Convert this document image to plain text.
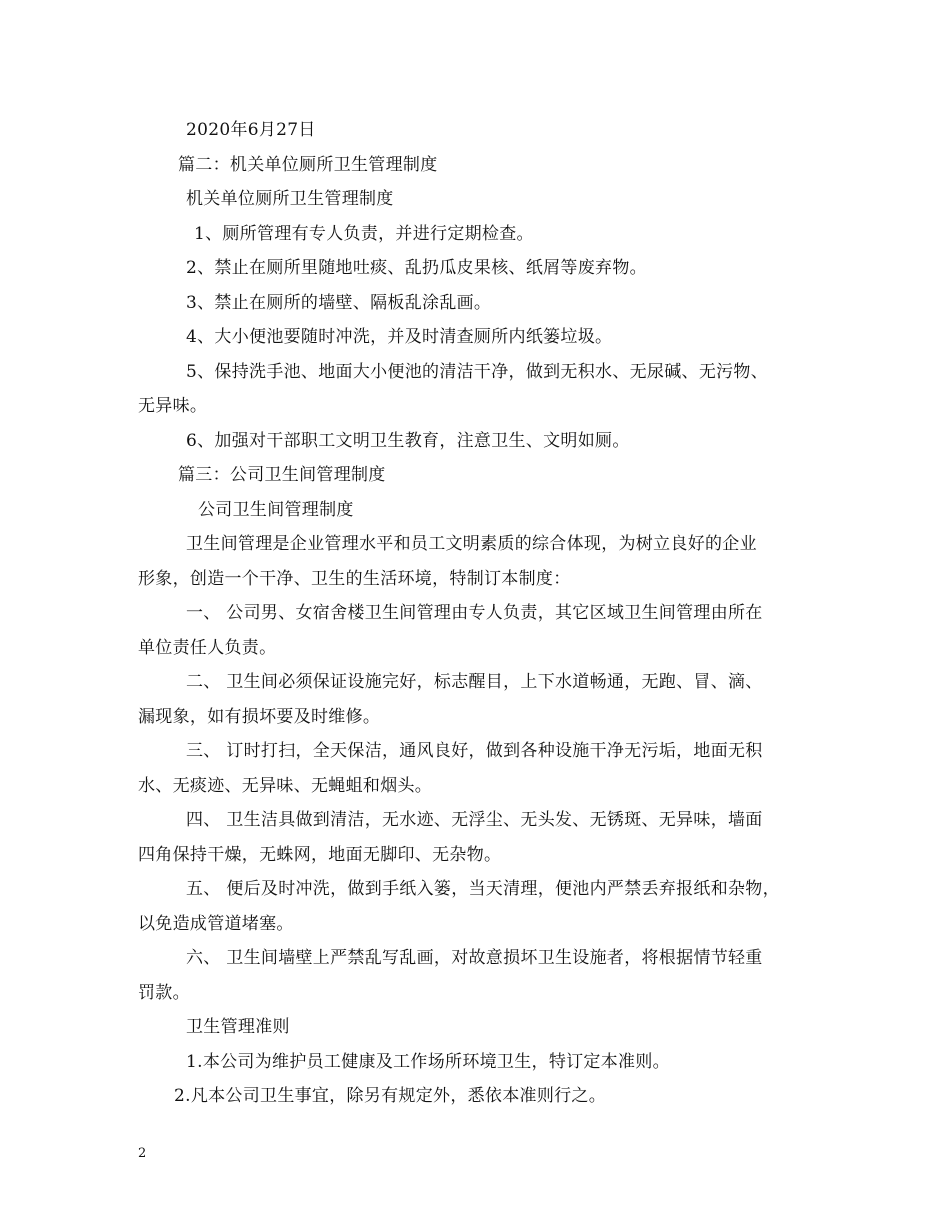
2020年6月27日
篇二：机关单位厕所卫生管理制度
机关单位厕所卫生管理制度
1、厕所管理有专人负责，并进行定期检查。
2、禁止在厕所里随地吐痰、乱扔瓜皮果核、纸屑等废弃物。
3、禁止在厕所的墙壁、隔板乱涂乱画。
4、大小便池要随时冲洗，并及时清查厕所内纸篓垃圾。
5、保持洗手池、地面大小便池的清洁干净，做到无积水、无尿碱、无污物、
无异味。
6、加强对干部职工文明卫生教育，注意卫生、文明如厕。
篇三：公司卫生间管理制度
公司卫生间管理制度
卫生间管理是企业管理水平和员工文明素质的综合体现，为树立良好的企业
形象，创造一个干净、卫生的生活环境，特制订本制度：
一、 公司男、女宿舍楼卫生间管理由专人负责，其它区域卫生间管理由所在
单位责任人负责。
二、 卫生间必须保证设施完好，标志醒目，上下水道畅通，无跑、冒、滴、
漏现象，如有损坏要及时维修。
三、 订时打扫，全天保洁，通风良好，做到各种设施干净无污垢，地面无积
水、无痰迹、无异味、无蝇蛆和烟头。
四、 卫生洁具做到清洁，无水迹、无浮尘、无头发、无锈斑、无异味，墙面
四角保持干燥，无蛛网，地面无脚印、无杂物。
五、 便后及时冲洗，做到手纸入篓，当天清理，便池内严禁丢弃报纸和杂物，
以免造成管道堵塞。
六、 卫生间墙壁上严禁乱写乱画，对故意损坏卫生设施者，将根据情节轻重
罚款。
卫生管理准则
1.本公司为维护员工健康及工作场所环境卫生，特订定本准则。
2.凡本公司卫生事宜，除另有规定外，悉依本准则行之。
2
